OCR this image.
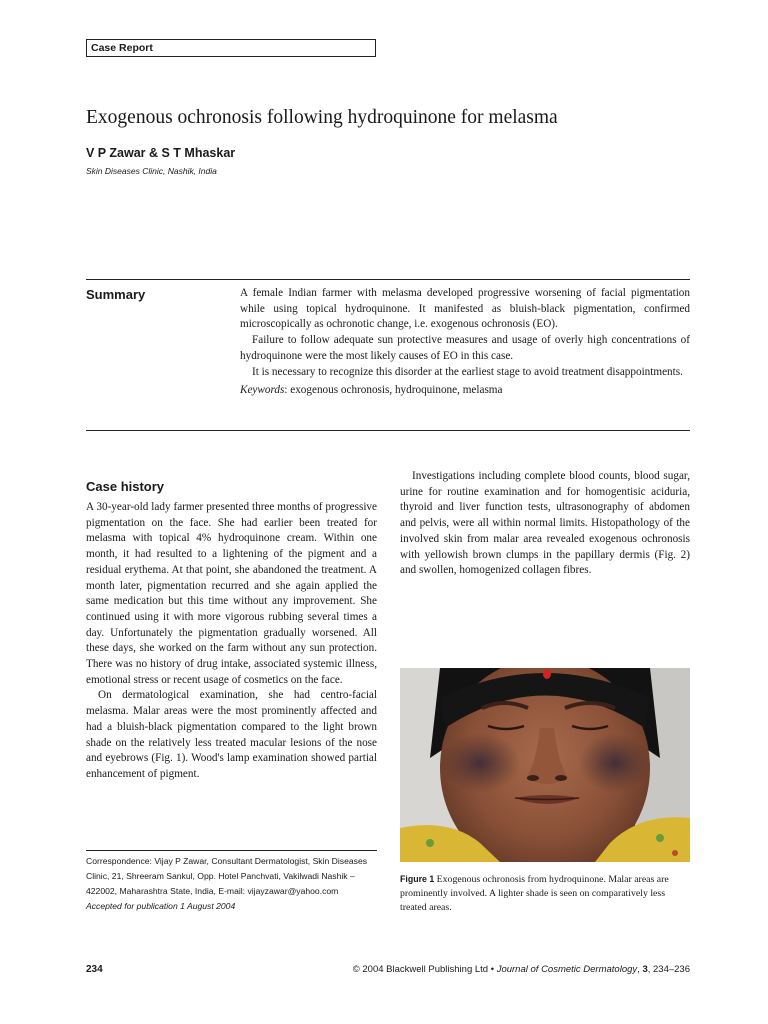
Case Report
Exogenous ochronosis following hydroquinone for melasma
V P Zawar & S T Mhaskar
Skin Diseases Clinic, Nashik, India
Summary	A female Indian farmer with melasma developed progressive worsening of facial pigmentation while using topical hydroquinone. It manifested as bluish-black pigmentation, confirmed microscopically as ochronotic change, i.e. exogenous ochronosis (EO).

Failure to follow adequate sun protective measures and usage of overly high concentrations of hydroquinone were the most likely causes of EO in this case.

It is necessary to recognize this disorder at the earliest stage to avoid treatment disappointments.

Keywords: exogenous ochronosis, hydroquinone, melasma

Case history

A 30-year-old lady farmer presented three months of progressive pigmentation on the face. She had earlier been treated for melasma with topical 4% hydroquinone cream. Within one month, it had resulted to a lightening of the pigment and a residual erythema. At that point, she abandoned the treatment. A month later, pigmentation recurred and she again applied the same medication but this time without any improvement. She continued using it with more vigorous rubbing several times a day. Unfortunately the pigmentation gradually worsened. All these days, she worked on the farm without any sun protection. There was no history of drug intake, associated systemic illness, emotional stress or recent usage of cosmetics on the face.

On dermatological examination, she had centro-facial melasma. Malar areas were the most prominently affected and had a bluish-black pigmentation compared to the light brown shade on the relatively less treated macular lesions of the nose and eyebrows (Fig. 1). Wood's lamp examination showed partial enhancement of pigment.

Investigations including complete blood counts, blood sugar, urine for routine examination and for homogentisic aciduria, thyroid and liver function tests, ultrasonography of abdomen and pelvis, were all within normal limits. Histopathology of the involved skin from malar area revealed exogenous ochronosis with yellowish brown clumps in the papillary dermis (Fig. 2) and swollen, homogenized collagen fibres.

Figure 1 Exogenous ochronosis from hydroquinone. Malar areas are prominently involved. A lighter shade is seen on comparatively less treated areas.
Correspondence: Vijay P Zawar, Consultant Dermatologist, Skin Diseases Clinic, 21, Shreeram Sankul, Opp. Hotel Panchvati, Vakilwadi Nashik – 422002, Maharashtra State, India, E-mail: vijayzawar@yahoo.com
Accepted for publication 1 August 2004
234	© 2004 Blackwell Publishing Ltd • Journal of Cosmetic Dermatology, 3, 234–236
